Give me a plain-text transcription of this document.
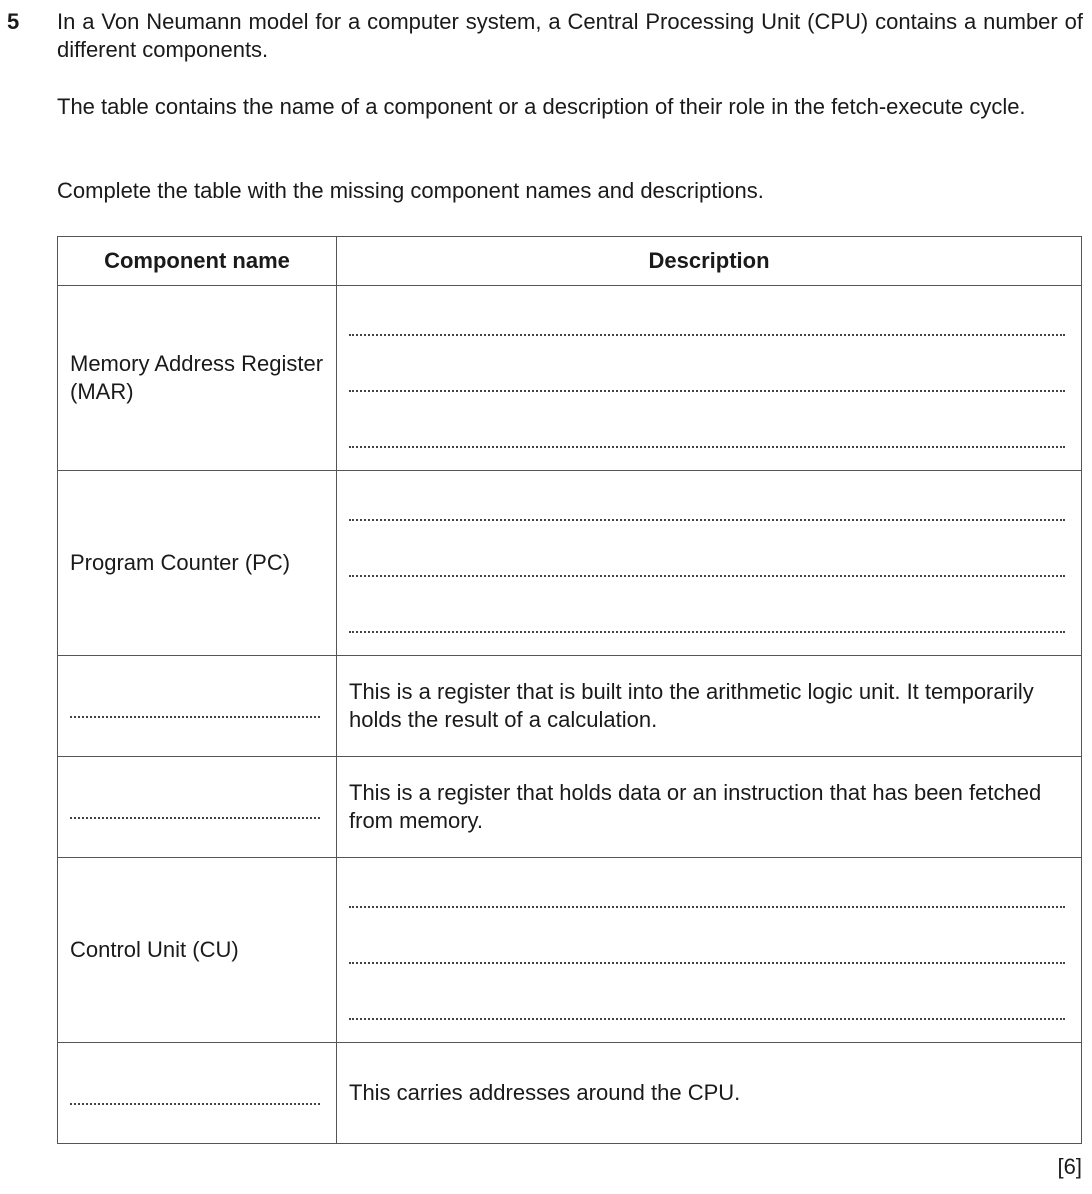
5 In a Von Neumann model for a computer system, a Central Processing Unit (CPU) contains a number of different components.

The table contains the name of a component or a description of their role in the fetch-execute cycle.

Complete the table with the missing component names and descriptions.

Component name	Description
Memory Address Register (MAR)	

Program Counter (PC)	

	This is a register that is built into the arithmetic logic unit. It temporarily holds the result of a calculation.

	This is a register that holds data or an instruction that has been fetched from memory.
Control Unit (CU)	

	This carries addresses around the CPU.
[6]
